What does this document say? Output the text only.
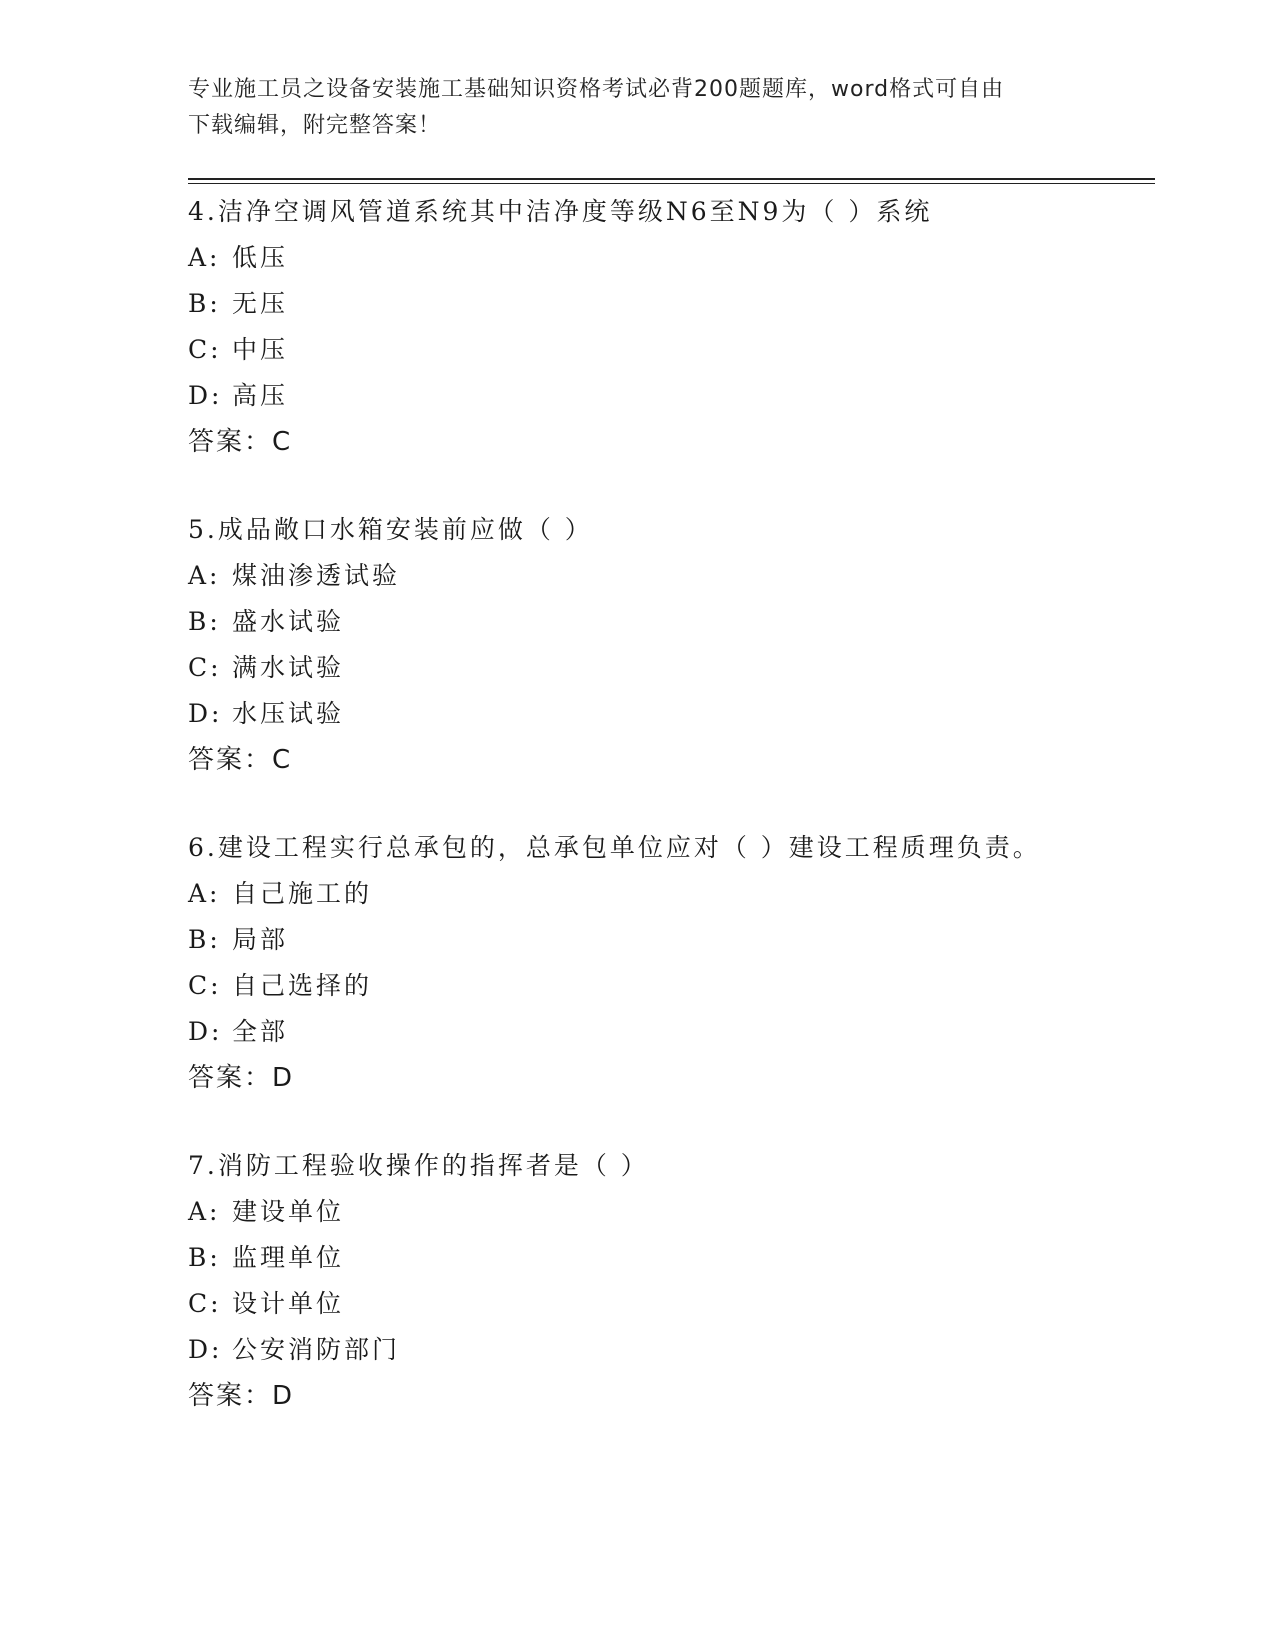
专业施工员之设备安装施工基础知识资格考试必背200题题库，word格式可自由
下载编辑，附完整答案！
4.洁净空调风管道系统其中洁净度等级N6至N9为（ ）系统
A: 低压
B: 无压
C: 中压
D: 高压
答案：C
5.成品敞口水箱安装前应做（ ）
A: 煤油渗透试验
B: 盛水试验
C: 满水试验
D: 水压试验
答案：C
6.建设工程实行总承包的，总承包单位应对（ ）建设工程质理负责。
A: 自己施工的
B: 局部
C: 自己选择的
D: 全部
答案：D
7.消防工程验收操作的指挥者是（ ）
A: 建设单位
B: 监理单位
C: 设计单位
D: 公安消防部门
答案：D
